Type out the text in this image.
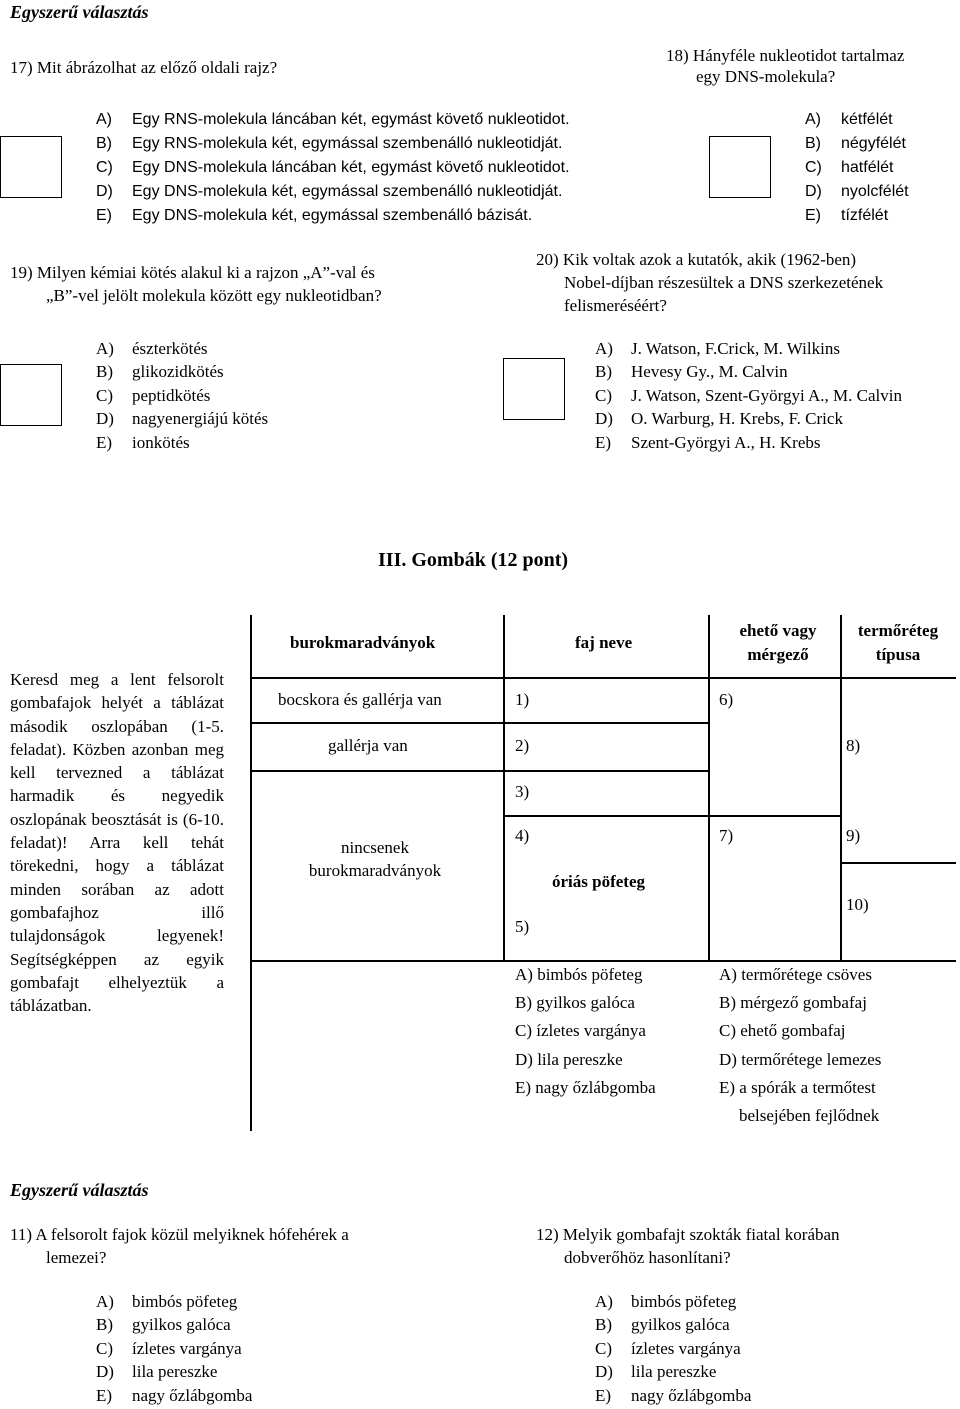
Egyszerű választás
17) Mit ábrázolhat az előző oldali rajz?
A) Egy RNS-molekula láncában két, egymást követő nukleotidot.
B) Egy RNS-molekula két, egymással szembenálló nukleotidját.
C) Egy DNS-molekula láncában két, egymást követő nukleotidot.
D) Egy DNS-molekula két, egymással szembenálló nukleotidját.
E) Egy DNS-molekula két, egymással szembenálló bázisát.
18) Hányféle nukleotidot tartalmaz
egy DNS-molekula?
A) kétfélét
B) négyfélét
C) hatfélét
D) nyolcfélét
E) tízfélét
19) Milyen kémiai kötés alakul ki a rajzon „A”-val és
„B”-vel jelölt molekula között egy nukleotidban?
A) észterkötés
B) glikozidkötés
C) peptidkötés
D) nagyenergiájú kötés
E) ionkötés
20) Kik voltak azok a kutatók, akik (1962-ben)
Nobel-díjban részesültek a DNS szerkezetének
felismeréséért?
A) J. Watson, F.Crick, M. Wilkins
B) Hevesy Gy., M. Calvin
C) J. Watson, Szent-Györgyi A., M. Calvin
D) O. Warburg, H. Krebs, F. Crick
E) Szent-Györgyi A., H. Krebs
III. Gombák (12 pont)
Keresd meg a lent felsorolt gombafajok helyét a táblázat második oszlopában (1-5. feladat). Közben azonban meg kell tervezned a táblázat harmadik és negyedik oszlopának beosztását is (6-10. feladat)! Arra kell tehát törekedni, hogy a táblázat minden sorában az adott gombafajhoz illő tulajdonságok legyenek! Segítségképpen az egyik gombafajt elhelyeztük a táblázatban.
burokmaradványok	faj neve
ehető vagy
mérgező
termőréteg
típusa
bocskora és gallérja van
gallérja van
nincsenek
burokmaradványok
1)
2)
3)
4)
5)
6)
7)
8)
9)
10)
óriás pöfeteg
A) bimbós pöfeteg
B) gyilkos galóca
C) ízletes vargánya
D) lila pereszke
E) nagy őzlábgomba
A) termőrétege csöves
B) mérgező gombafaj
C) ehető gombafaj
D) termőrétege lemezes
E) a spórák a termőtest
belsejében fejlődnek
Egyszerű választás
11) A felsorolt fajok közül melyiknek hófehérek a
lemezei?
A) bimbós pöfeteg
B) gyilkos galóca
C) ízletes vargánya
D) lila pereszke
E) nagy őzlábgomba
12) Melyik gombafajt szokták fiatal korában
dobverőhöz hasonlítani?
A) bimbós pöfeteg
B) gyilkos galóca
C) ízletes vargánya
D) lila pereszke
E) nagy őzlábgomba
